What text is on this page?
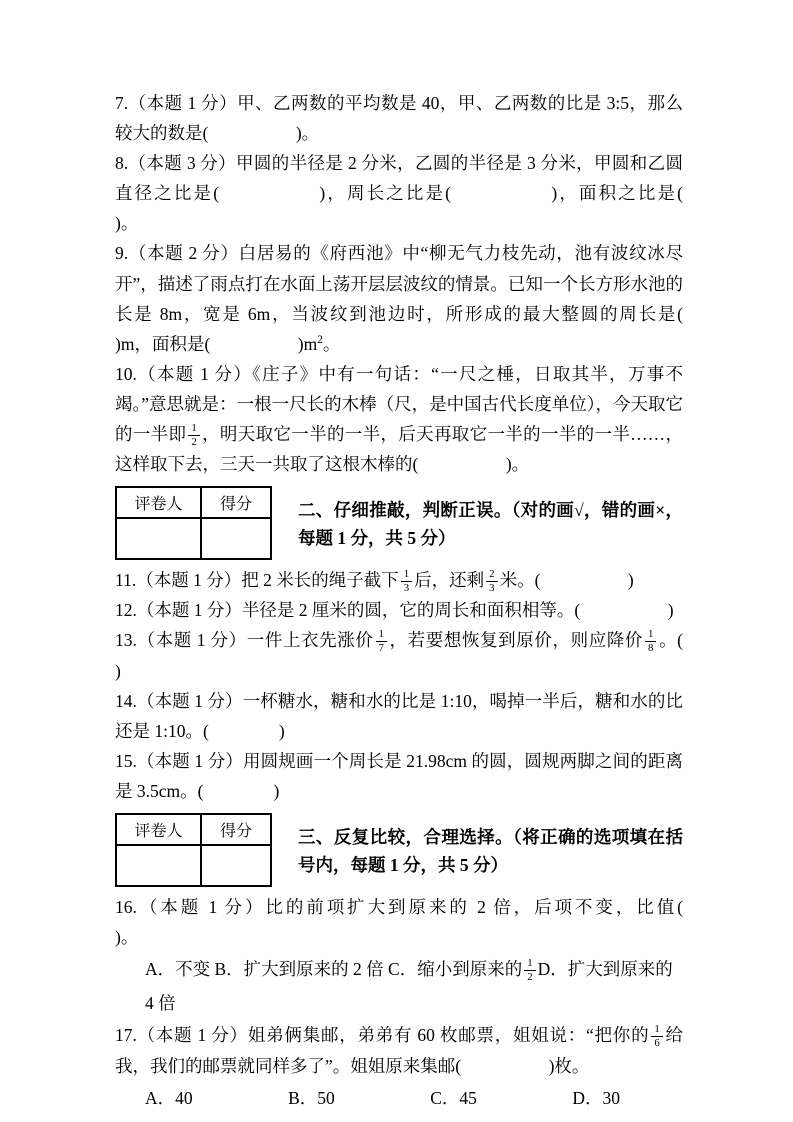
7.（本题 1 分）甲、乙两数的平均数是 40，甲、乙两数的比是 3:5，那么较大的数是(　　　　　)。

8.（本题 3 分）甲圆的半径是 2 分米，乙圆的半径是 3 分米，甲圆和乙圆直径之比是(　　　　　)，周长之比是(　　　　　)，面积之比是(　　　　　)。

9.（本题 2 分）白居易的《府西池》中“柳无气力枝先动，池有波纹冰尽开”，描述了雨点打在水面上荡开层层波纹的情景。已知一个长方形水池的长是 8m，宽是 6m，当波纹到池边时，所形成的最大整圆的周长是(　　　　　)m，面积是(　　　　　)$m^2$。

10.（本题 1 分）《庄子》中有一句话：“一尺之棰，日取其半，万事不竭。”意思就是：一根一尺长的木棒（尺，是中国古代长度单位），今天取它的一半即 $\frac{1}{2}$ ，明天取它一半的一半，后天再取它一半的一半的一半……，这样取下去，三天一共取了这根木棒的(　　　　　)。

评卷人	得分
		二、仔细推敲，判断正误。（对的画√，错的画×，每题 1 分，共 5 分）

11.（本题 1 分）把 2 米长的绳子截下 $\frac{1}{3}$ 后，还剩 $\frac{2}{3}$ 米。(　　　　　)

12.（本题 1 分）半径是 2 厘米的圆，它的周长和面积相等。(　　　　　)

13.（本题 1 分）一件上衣先涨价 $\frac{1}{7}$ ，若要想恢复到原价，则应降价 $\frac{1}{8}$ 。(　　　　　)

14.（本题 1 分）一杯糖水，糖和水的比是 1:10，喝掉一半后，糖和水的比还是 1:10。(　　　　)

15.（本题 1 分）用圆规画一个周长是 21.98cm 的圆，圆规两脚之间的距离是 3.5cm。(　　　　)

评卷人	得分
		三、反复比较，合理选择。（将正确的选项填在括号内，每题 1 分，共 5 分）

16.（本题 1 分）比的前项扩大到原来的 2 倍，后项不变，比值(　　　　　)。

A．不变 B．扩大到原来的 2 倍 C．缩小到原来的 $\frac{1}{2}$ D．扩大到原来的 4 倍

17.（本题 1 分）姐弟俩集邮，弟弟有 60 枚邮票，姐姐说：“把你的 $\frac{1}{6}$ 给我，我们的邮票就同样多了”。姐姐原来集邮(　　　　　)枚。

A．40	B．50	C．45	D．30
